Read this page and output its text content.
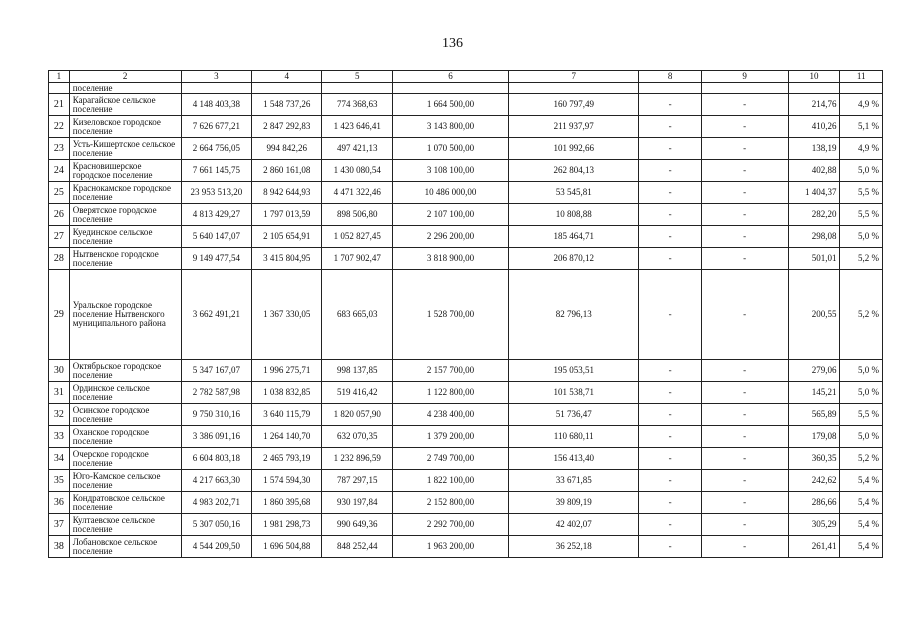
136
1	2	3	4	5	6	7	8	9	10	11
	поселение									
21	Карагайское сельское поселение	4 148 403,38	1 548 737,26	774 368,63	1 664 500,00	160 797,49	-	-	214,76	4,9 %
22	Кизеловское городское поселение	7 626 677,21	2 847 292,83	1 423 646,41	3 143 800,00	211 937,97	-	-	410,26	5,1 %
23	Усть-Кишертское сельское поселение	2 664 756,05	994 842,26	497 421,13	1 070 500,00	101 992,66	-	-	138,19	4,9 %
24	Красновишерское городское поселение	7 661 145,75	2 860 161,08	1 430 080,54	3 108 100,00	262 804,13	-	-	402,88	5,0 %
25	Краснокамское городское поселение	23 953 513,20	8 942 644,93	4 471 322,46	10 486 000,00	53 545,81	-	-	1 404,37	5,5 %
26	Оверятское городское поселение	4 813 429,27	1 797 013,59	898 506,80	2 107 100,00	10 808,88	-	-	282,20	5,5 %
27	Куединское сельское поселение	5 640 147,07	2 105 654,91	1 052 827,45	2 296 200,00	185 464,71	-	-	298,08	5,0 %
28	Нытвенское городское поселение	9 149 477,54	3 415 804,95	1 707 902,47	3 818 900,00	206 870,12	-	-	501,01	5,2 %
29	Уральское городское поселение Нытвенского муниципального района	3 662 491,21	1 367 330,05	683 665,03	1 528 700,00	82 796,13	-	-	200,55	5,2 %
30	Октябрьское городское поселение	5 347 167,07	1 996 275,71	998 137,85	2 157 700,00	195 053,51	-	-	279,06	5,0 %
31	Ординское сельское поселение	2 782 587,98	1 038 832,85	519 416,42	1 122 800,00	101 538,71	-	-	145,21	5,0 %
32	Осинское городское поселение	9 750 310,16	3 640 115,79	1 820 057,90	4 238 400,00	51 736,47	-	-	565,89	5,5 %
33	Оханское городское поселение	3 386 091,16	1 264 140,70	632 070,35	1 379 200,00	110 680,11	-	-	179,08	5,0 %
34	Очерское городское поселение	6 604 803,18	2 465 793,19	1 232 896,59	2 749 700,00	156 413,40	-	-	360,35	5,2 %
35	Юго-Камское сельское поселение	4 217 663,30	1 574 594,30	787 297,15	1 822 100,00	33 671,85	-	-	242,62	5,4 %
36	Кондратовское сельское поселение	4 983 202,71	1 860 395,68	930 197,84	2 152 800,00	39 809,19	-	-	286,66	5,4 %
37	Култаевское сельское поселение	5 307 050,16	1 981 298,73	990 649,36	2 292 700,00	42 402,07	-	-	305,29	5,4 %
38	Лобановское сельское поселение	4 544 209,50	1 696 504,88	848 252,44	1 963 200,00	36 252,18	-	-	261,41	5,4 %
